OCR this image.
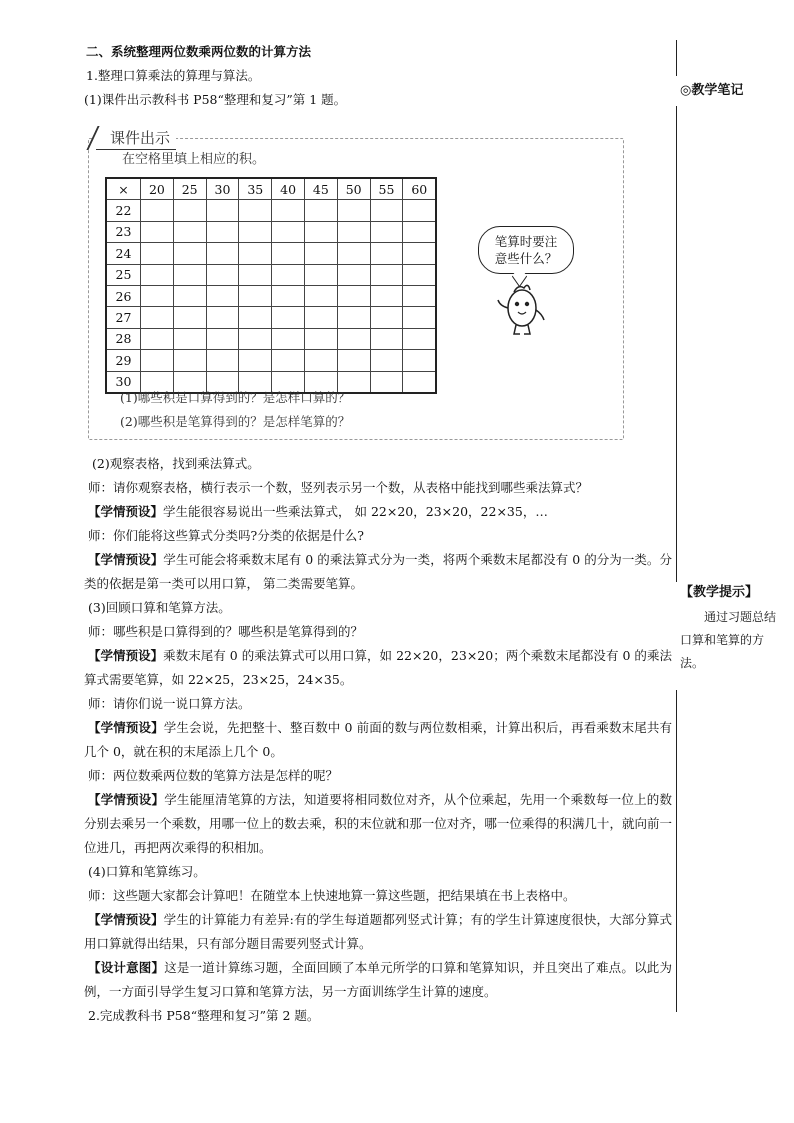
二、系统整理两位数乘两位数的计算方法
1.整理口算乘法的算理与算法。
(1)课件出示教科书 P58“整理和复习”第 1 题。
课件出示
在空格里填上相应的积。
×	20	25	30	35	40	45	50	55	60
22									
23									
24									
25									
26									
27									
28									
29									
30									
笔算时要注
意些什么？
(1)哪些积是口算得到的？是怎样口算的？
(2)哪些积是笔算得到的？是怎样笔算的？
(2)观察表格，找到乘法算式。
师：请你观察表格，横行表示一个数，竖列表示另一个数，从表格中能找到哪些乘法算式？
【学情预设】学生能很容易说出一些乘法算式， 如 22×20，23×20，22×35，…
师：你们能将这些算式分类吗?分类的依据是什么?
【学情预设】学生可能会将乘数末尾有 0 的乘法算式分为一类，将两个乘数末尾都没有 0 的分为一类。分类的依据是第一类可以用口算， 第二类需要笔算。
(3)回顾口算和笔算方法。
师：哪些积是口算得到的？哪些积是笔算得到的？
【学情预设】乘数末尾有 0 的乘法算式可以用口算，如 22×20，23×20；两个乘数末尾都没有 0 的乘法算式需要笔算，如 22×25，23×25，24×35。
师：请你们说一说口算方法。
【学情预设】学生会说，先把整十、整百数中 0 前面的数与两位数相乘，计算出积后，再看乘数末尾共有几个 0，就在积的末尾添上几个 0。
师：两位数乘两位数的笔算方法是怎样的呢？
【学情预设】学生能厘清笔算的方法，知道要将相同数位对齐，从个位乘起，先用一个乘数每一位上的数分别去乘另一个乘数，用哪一位上的数去乘，积的末位就和那一位对齐，哪一位乘得的积满几十，就向前一位进几，再把两次乘得的积相加。
(4)口算和笔算练习。
师：这些题大家都会计算吧！在随堂本上快速地算一算这些题，把结果填在书上表格中。
【学情预设】学生的计算能力有差异:有的学生每道题都列竖式计算；有的学生计算速度很快，大部分算式用口算就得出结果，只有部分题目需要列竖式计算。
【设计意图】这是一道计算练习题，全面回顾了本单元所学的口算和笔算知识，并且突出了难点。以此为例，一方面引导学生复习口算和笔算方法，另一方面训练学生计算的速度。
2.完成教科书 P58“整理和复习”第 2 题。
◎教学笔记
【教学提示】
通过习题总结口算和笔算的方法。
